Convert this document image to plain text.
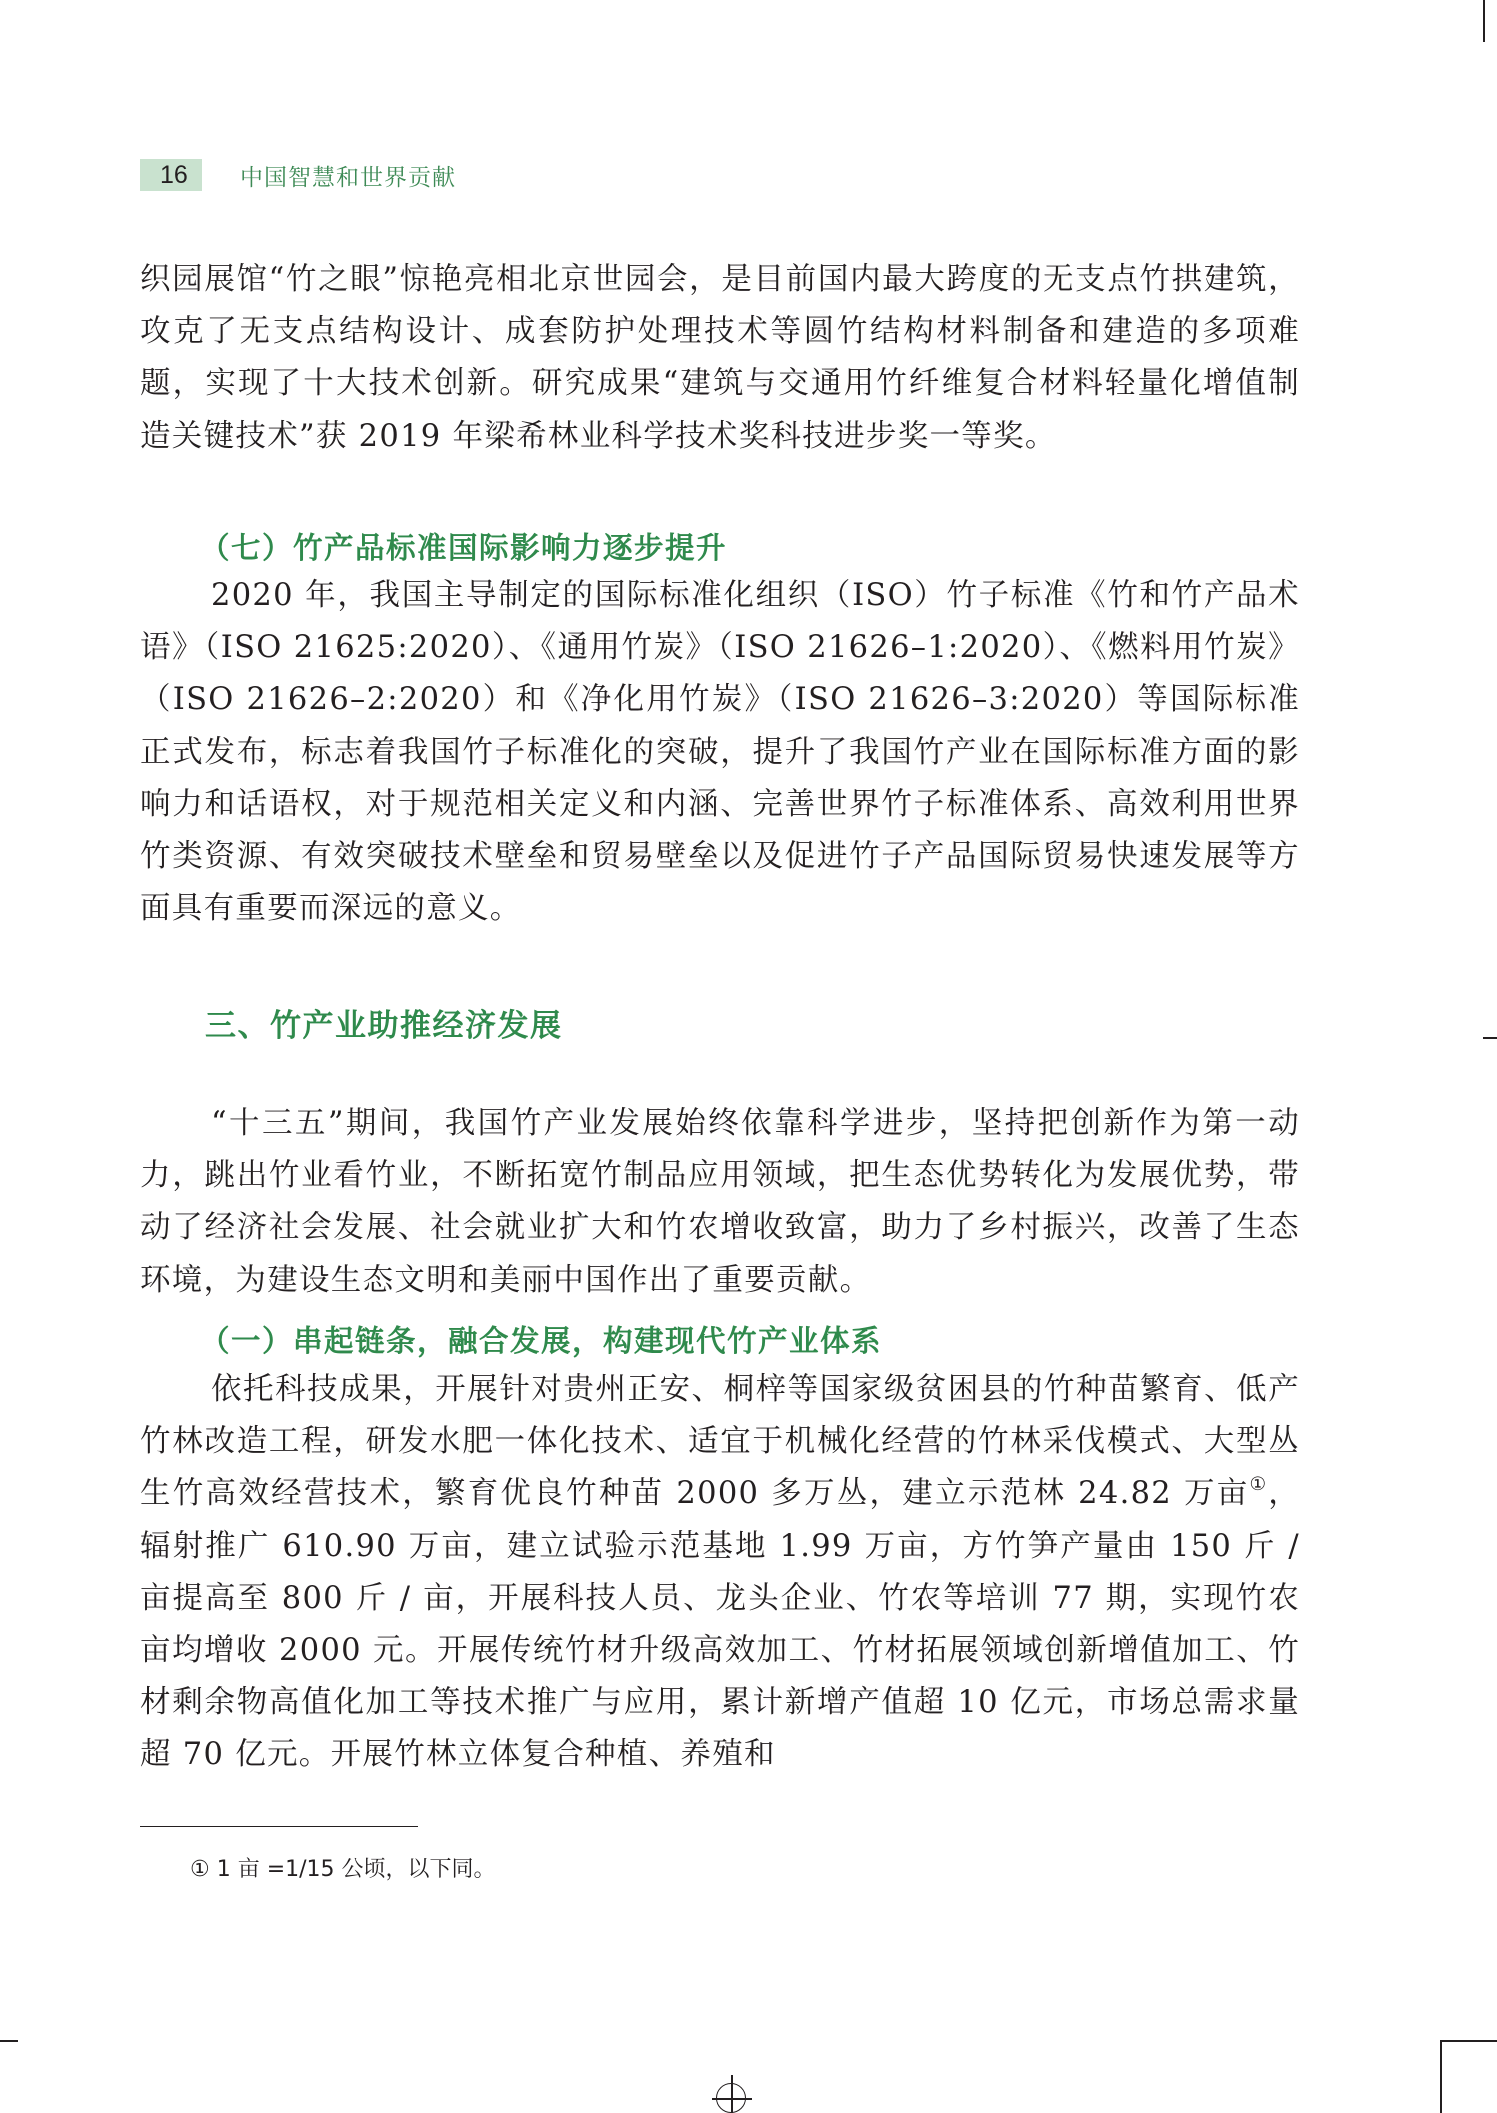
16	中国智慧和世界贡献

织园展馆“竹之眼”惊艳亮相北京世园会，是目前国内最大跨度的无支点竹拱建筑，攻克了无支点结构设计、成套防护处理技术等圆竹结构材料制备和建造的多项难题，实现了十大技术创新。研究成果“建筑与交通用竹纤维复合材料轻量化增值制造关键技术”获 2019 年梁希林业科学技术奖科技进步奖一等奖。

（七）竹产品标准国际影响力逐步提升

2020 年，我国主导制定的国际标准化组织（ISO）竹子标准《竹和竹产品术语》（ISO 21625:2020）、《通用竹炭》（ISO 21626–1:2020）、《燃料用竹炭》（ISO 21626–2:2020）和《净化用竹炭》（ISO 21626–3:2020）等国际标准正式发布，标志着我国竹子标准化的突破，提升了我国竹产业在国际标准方面的影响力和话语权，对于规范相关定义和内涵、完善世界竹子标准体系、高效利用世界竹类资源、有效突破技术壁垒和贸易壁垒以及促进竹子产品国际贸易快速发展等方面具有重要而深远的意义。

三、竹产业助推经济发展

“十三五”期间，我国竹产业发展始终依靠科学进步，坚持把创新作为第一动力，跳出竹业看竹业，不断拓宽竹制品应用领域，把生态优势转化为发展优势，带动了经济社会发展、社会就业扩大和竹农增收致富，助力了乡村振兴，改善了生态环境，为建设生态文明和美丽中国作出了重要贡献。

（一）串起链条，融合发展，构建现代竹产业体系

依托科技成果，开展针对贵州正安、桐梓等国家级贫困县的竹种苗繁育、低产竹林改造工程，研发水肥一体化技术、适宜于机械化经营的竹林采伐模式、大型丛生竹高效经营技术，繁育优良竹种苗 2000 多万丛，建立示范林 24.82 万亩①，辐射推广 610.90 万亩，建立试验示范基地 1.99 万亩，方竹笋产量由 150 斤 / 亩提高至 800 斤 / 亩，开展科技人员、龙头企业、竹农等培训 77 期，实现竹农亩均增收 2000 元。开展传统竹材升级高效加工、竹材拓展领域创新增值加工、竹材剩余物高值化加工等技术推广与应用，累计新增产值超 10 亿元，市场总需求量超 70 亿元。开展竹林立体复合种植、养殖和

① 1 亩 =1/15 公顷，以下同。
